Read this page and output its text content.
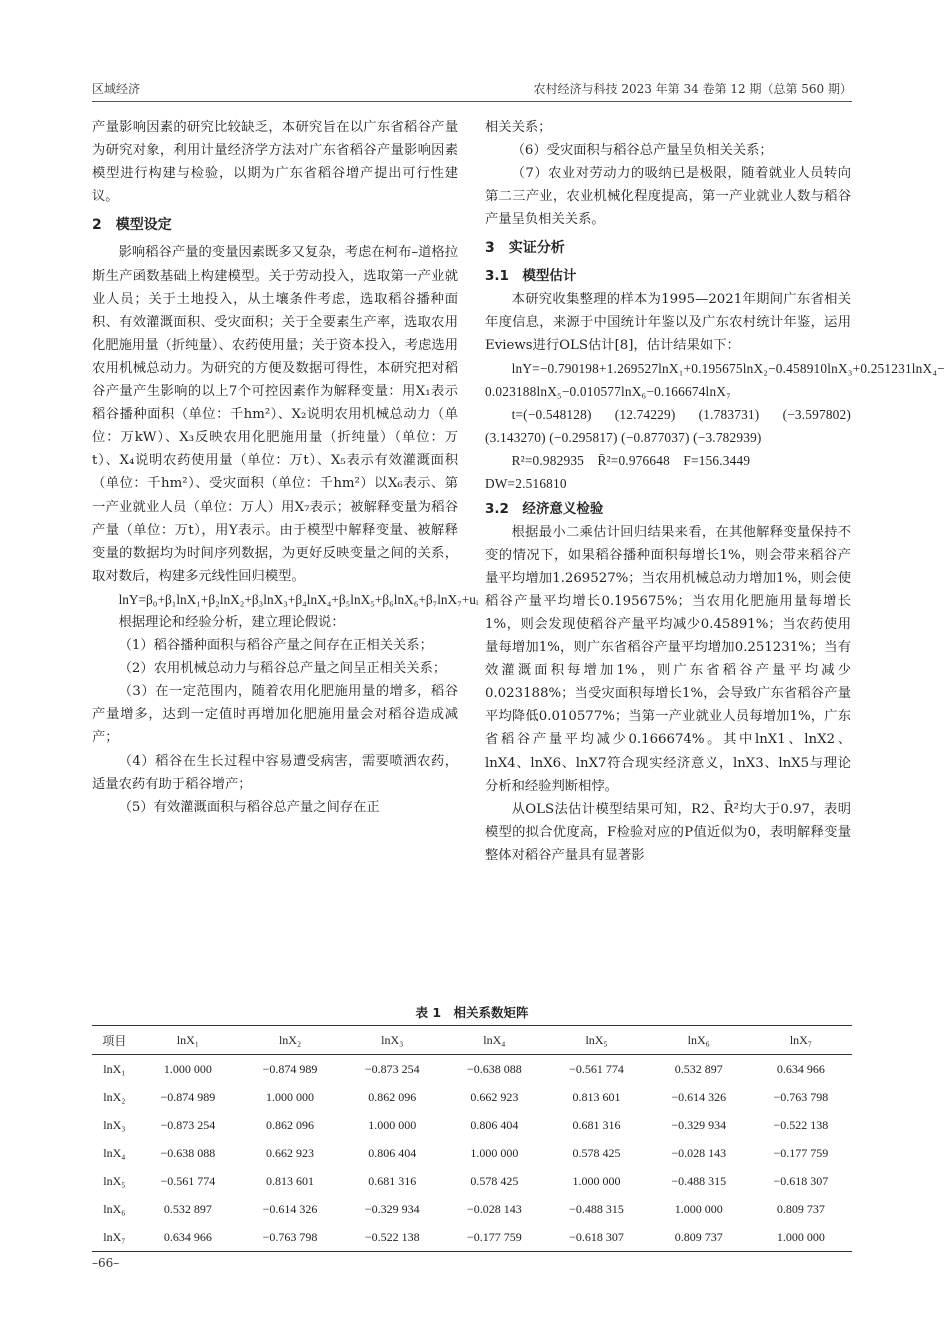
区域经济	农村经济与科技 2023 年第 34 卷第 12 期（总第 560 期）

产量影响因素的研究比较缺乏，本研究旨在以广东省稻谷产量为研究对象，利用计量经济学方法对广东省稻谷产量影响因素模型进行构建与检验，以期为广东省稻谷增产提出可行性建议。

2　模型设定

影响稻谷产量的变量因素既多又复杂，考虑在柯布–道格拉斯生产函数基础上构建模型。关于劳动投入，选取第一产业就业人员；关于土地投入，从土壤条件考虑，选取稻谷播种面积、有效灌溉面积、受灾面积；关于全要素生产率，选取农用化肥施用量（折纯量）、农药使用量；关于资本投入，考虑选用农用机械总动力。为研究的方便及数据可得性，本研究把对稻谷产量产生影响的以上7个可控因素作为解释变量：用X₁表示稻谷播种面积（单位：千hm²）、X₂说明农用机械总动力（单位：万kW）、X₃反映农用化肥施用量（折纯量）（单位：万t）、X₄说明农药使用量（单位：万t）、X₅表示有效灌溉面积（单位：千hm²）、受灾面积（单位：千hm²）以X₆表示、第一产业就业人员（单位：万人）用X₇表示；被解释变量为稻谷产量（单位：万t），用Y表示。由于模型中解释变量、被解释变量的数据均为时间序列数据，为更好反映变量之间的关系，取对数后，构建多元线性回归模型。

lnY=β₀+β₁lnX₁+β₂lnX₂+β₃lnX₃+β₄lnX₄+β₅lnX₅+β₆lnX₆+β₇lnX₇+uᵢ

根据理论和经验分析，建立理论假说：

（1）稻谷播种面积与稻谷产量之间存在正相关关系；

（2）农用机械总动力与稻谷总产量之间呈正相关关系；

（3）在一定范围内，随着农用化肥施用量的增多，稻谷产量增多，达到一定值时再增加化肥施用量会对稻谷造成减产；

（4）稻谷在生长过程中容易遭受病害，需要喷洒农药，适量农药有助于稻谷增产；

（5）有效灌溉面积与稻谷总产量之间存在正

相关关系；

（6）受灾面积与稻谷总产量呈负相关关系；

（7）农业对劳动力的吸纳已是极限，随着就业人员转向第二三产业，农业机械化程度提高，第一产业就业人数与稻谷产量呈负相关关系。

3　实证分析
3.1　模型估计

本研究收集整理的样本为1995—2021年期间广东省相关年度信息，来源于中国统计年鉴以及广东农村统计年鉴，运用Eviews进行OLS估计[8]，估计结果如下：

lnY=−0.790198+1.269527lnX₁+0.195675lnX₂−0.458910lnX₃+0.251231lnX₄− 0.023188lnX₅−0.010577lnX₆−0.166674lnX₇

t=(−0.548128) (12.74229) (1.783731) (−3.597802) (3.143270) (−0.295817) (−0.877037) (−3.782939)

R²=0.982935　R̄²=0.976648　F=156.3449

DW=2.516810

3.2　经济意义检验

根据最小二乘估计回归结果来看，在其他解释变量保持不变的情况下，如果稻谷播种面积每增长1%，则会带来稻谷产量平均增加1.269527%；当农用机械总动力增加1%，则会使稻谷产量平均增长0.195675%；当农用化肥施用量每增长1%，则会发现使稻谷产量平均减少0.45891%；当农药使用量每增加1%，则广东省稻谷产量平均增加0.251231%；当有效灌溉面积每增加1%，则广东省稻谷产量平均减少0.023188%；当受灾面积每增长1%，会导致广东省稻谷产量平均降低0.010577%；当第一产业就业人员每增加1%，广东省稻谷产量平均减少0.166674%。其中lnX1、lnX2、lnX4、lnX6、lnX7符合现实经济意义，lnX3、lnX5与理论分析和经验判断相悖。

从OLS法估计模型结果可知，R2、R̄²均大于0.97，表明模型的拟合优度高，F检验对应的P值近似为0，表明解释变量整体对稻谷产量具有显著影

表 1　相关系数矩阵
项目	lnX₁	lnX₂	lnX₃	lnX₄	lnX₅	lnX₆	lnX₇
lnX₁	1.000 000	−0.874 989	−0.873 254	−0.638 088	−0.561 774	0.532 897	0.634 966
lnX₂	−0.874 989	1.000 000	0.862 096	0.662 923	0.813 601	−0.614 326	−0.763 798
lnX₃	−0.873 254	0.862 096	1.000 000	0.806 404	0.681 316	−0.329 934	−0.522 138
lnX₄	−0.638 088	0.662 923	0.806 404	1.000 000	0.578 425	−0.028 143	−0.177 759
lnX₅	−0.561 774	0.813 601	0.681 316	0.578 425	1.000 000	−0.488 315	−0.618 307
lnX₆	0.532 897	−0.614 326	−0.329 934	−0.028 143	−0.488 315	1.000 000	0.809 737
lnX₇	0.634 966	−0.763 798	−0.522 138	−0.177 759	−0.618 307	0.809 737	1.000 000
–66–
